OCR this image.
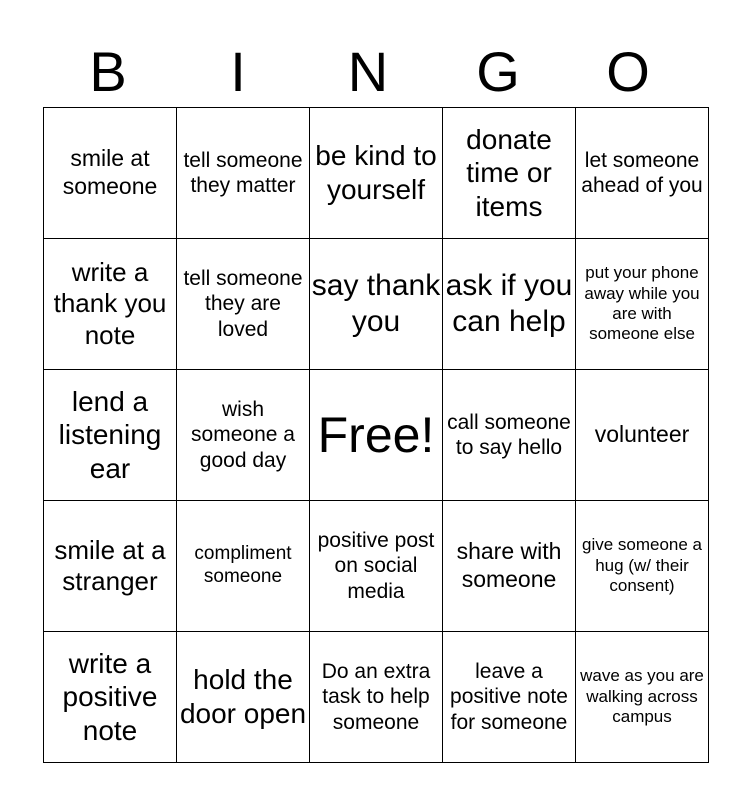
B	I	N	G	O
smile at someone	tell someone they matter	be kind to yourself	donate time or items	let someone ahead of you
write a thank you note	tell someone they are loved	say thank you	ask if you can help	put your phone away while you are with someone else
lend a listening ear	wish someone a good day	Free!	call someone to say hello	volunteer
smile at a stranger	compliment someone	positive post on social media	share with someone	give someone a hug (w/ their consent)
write a positive note	hold the door open	Do an extra task to help someone	leave a positive note for someone	wave as you are walking across campus
